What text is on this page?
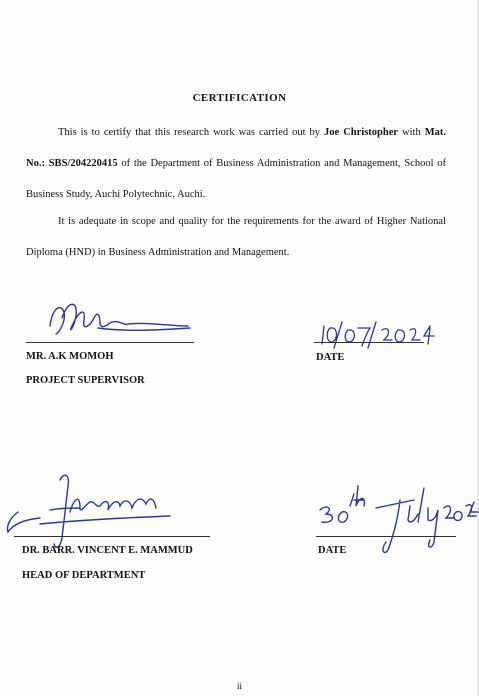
CERTIFICATION
This is to certify that this research work was carried out by Joe Christopher with Mat. No.: SBS/204220415 of the Department of Business Administration and Management, School of Business Study, Auchi Polytechnic, Auchi.
It is adequate in scope and quality for the requirements for the award of Higher National Diploma (HND) in Business Administration and Management.
MR. A.K MOMOH
PROJECT SUPERVISOR
DATE
DR. BARR. VINCENT E. MAMMUD
HEAD OF DEPARTMENT
DATE
ii
